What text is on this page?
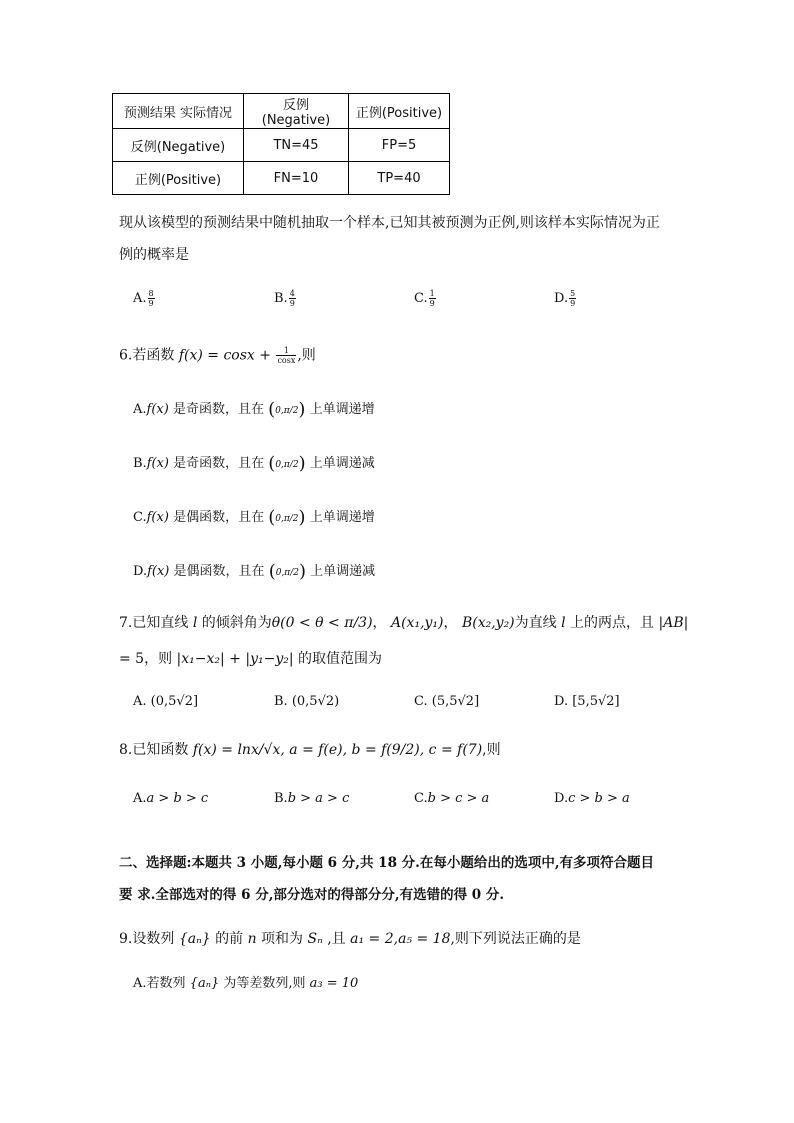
预测结果 实际情况	反例(Negative)	正例(Positive)
反例(Negative)	TN=45	FP=5
正例(Positive)	FN=10	TP=40
现从该模型的预测结果中随机抽取一个样本,已知其被预测为正例,则该样本实际情况为正
例的概率是
A. $\frac{8}{9}$	B. $\frac{4}{9}$	C. $\frac{1}{9}$	D. $\frac{5}{9}$
6.若函数 $f(x) = \cos x + \frac{1}{\cos x}$ ,则
A.f(x) 是奇函数，且在 (0,π/2) 上单调递增
B.f(x) 是奇函数，且在 (0,π/2) 上单调递减
C.f(x) 是偶函数，且在 (0,π/2) 上单调递增
D.f(x) 是偶函数，且在 (0,π/2) 上单调递减
7.已知直线 l 的倾斜角为θ(0 < θ < π/3)， A(x₁,y₁)， B(x₂,y₂)为直线 l 上的两点，且 |AB|
= 5，则 |x₁−x₂| + |y₁−y₂| 的取值范围为
A. (0,5√2]	B. (0,5√2)	C. (5,5√2]	D. [5,5√2]
8.已知函数 f(x) = lnx/√x, a = f(e), b = f(9/2), c = f(7),则
A.a > b > c	B.b > a > c	C.b > c > a	D.c > b > a
二、选择题:本题共 3 小题,每小题 6 分,共 18 分.在每小题给出的选项中,有多项符合题目
要 求.全部选对的得 6 分,部分选对的得部分分,有选错的得 0 分.
9.设数列 {aₙ} 的前 n 项和为 Sₙ ,且 a₁ = 2,a₅ = 18,则下列说法正确的是
A.若数列 {aₙ} 为等差数列,则 a₃ = 10
